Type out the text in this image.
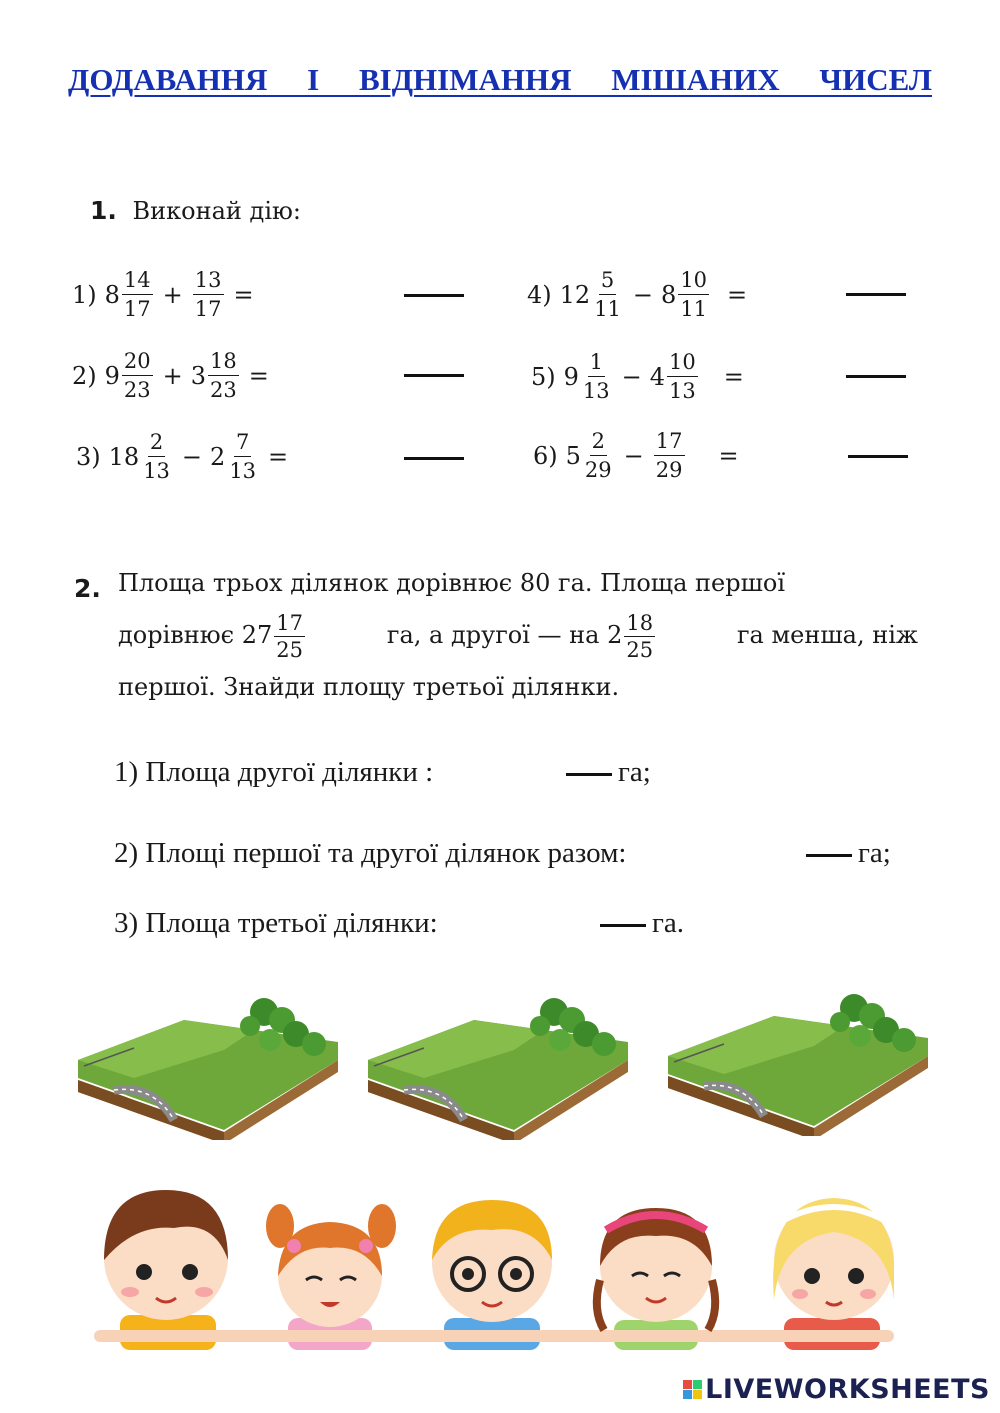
ДОДАВАННЯ І ВІДНІМАННЯ МІШАНИХ ЧИСЕЛ
1. Виконай дію:
1) $8 \frac{14}{17} + \frac{13}{17}$ =
2) $9 \frac{20}{23} + 3 \frac{18}{23}$ =
3) $18 \frac{2}{13} - 2 \frac{7}{13}$ =
4) $12 \frac{5}{11} - 8 \frac{10}{11}$ =
5) $9 \frac{1}{13} - 4 \frac{10}{13}$ =
6) $5 \frac{2}{29} - \frac{17}{29}$ =
2. Площа трьох ділянок дорівнює 80 га. Площа першої
дорівнює $27 \frac{17}{25}$	га, а другої — на $2 \frac{18}{25}$	га менша, ніж
першої. Знайди площу третьої ділянки.
1) Площа другої ділянки :	га;
2) Площі першої та другої ділянок разом:	га;
3) Площа третьої ділянки:	га.
LIVEWORKSHEETS
